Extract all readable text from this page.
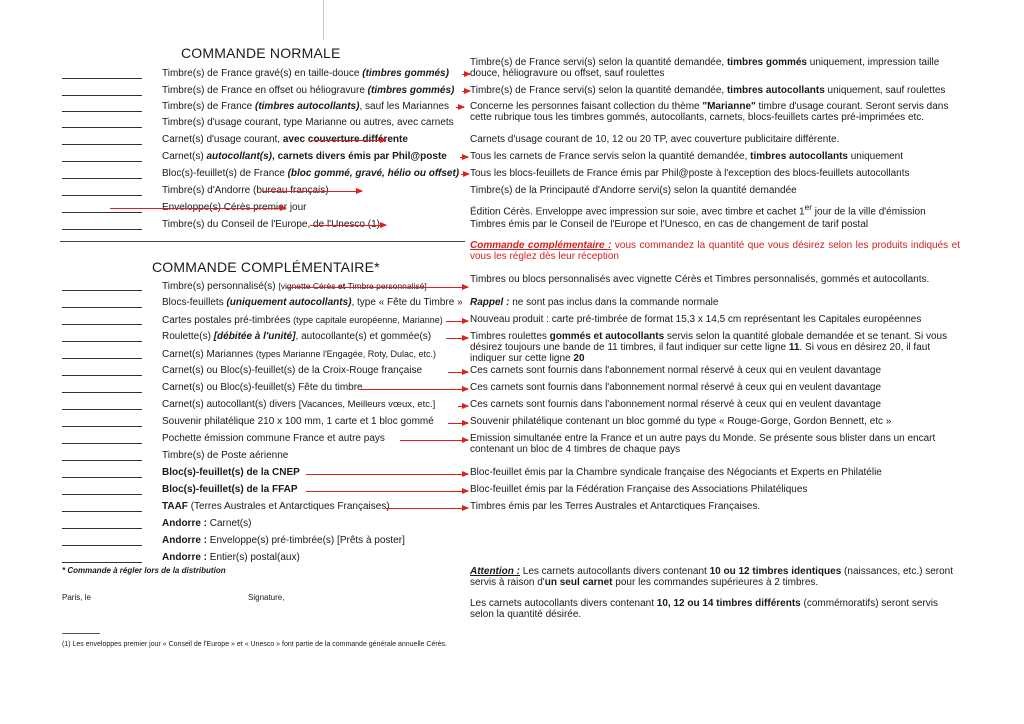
COMMANDE NORMALE
Timbre(s) de France gravé(s) en taille-douce (timbres gommés)
Timbre(s) de France en offset ou héliogravure (timbres gommés)
Timbre(s) de France (timbres autocollants), sauf les Mariannes
Timbre(s) d'usage courant, type Marianne ou autres, avec carnets
Carnet(s) d'usage courant, avec couverture différente
Carnet(s) autocollant(s), carnets divers émis par Phil@poste
Bloc(s)-feuillet(s) de France (bloc gommé, gravé, hélio ou offset)
Timbre(s) d'Andorre (bureau français)
Enveloppe(s) Cérès premier jour
Timbre(s) du Conseil de l'Europe, de l'Unesco (1)
Timbre(s) de France servi(s) selon la quantité demandée, timbres gommés uniquement, impression taille douce, héliogravure ou offset, sauf roulettes
Timbre(s) de France servi(s) selon la quantité demandée, timbres autocollants uniquement, sauf roulettes
Concerne les personnes faisant collection du thème "Marianne" timbre d'usage courant. Seront servis dans cette rubrique tous les timbres gommés, autocollants, carnets, blocs-feuillets cartes pré-imprimées etc.
Carnets d'usage courant de 10, 12 ou 20 TP, avec couverture publicitaire différente.
Tous les carnets de France servis selon la quantité demandée, timbres autocollants uniquement
Tous les blocs-feuillets de France émis par Phil@poste à l'exception des blocs-feuillets autocollants
Timbre(s) de la Principauté d'Andorre servi(s) selon la quantité demandée
Édition Cérès. Enveloppe avec impression sur soie, avec timbre et cachet 1er jour de la ville d'émission
Timbres émis par le Conseil de l'Europe et l'Unesco, en cas de changement de tarif postal
COMMANDE COMPLÉMENTAIRE*
Commande complémentaire : vous commandez la quantité que vous désirez selon les produits indiqués et vous les réglez dès leur réception
Timbre(s) personnalisé(s) [vignette Cérès et Timbre personnalisé]
Blocs-feuillets (uniquement autocollants), type « Fête du Timbre »
Cartes postales pré-timbrées (type capitale européenne, Marianne)
Roulette(s) [débitée à l'unité], autocollante(s) et gommée(s)
Carnet(s) Mariannes (types Marianne l'Engagée, Roty, Dulac, etc.)
Carnet(s) ou Bloc(s)-feuillet(s) de la Croix-Rouge française
Carnet(s) ou Bloc(s)-feuillet(s) Fête du timbre
Carnet(s) autocollant(s) divers [Vacances, Meilleurs vœux, etc.]
Souvenir philatélique 210 x 100 mm, 1 carte et 1 bloc gommé
Pochette émission commune France et autre pays
Timbre(s) de Poste aérienne
Bloc(s)-feuillet(s) de la CNEP
Bloc(s)-feuillet(s) de la FFAP
TAAF (Terres Australes et Antarctiques Françaises)
Andorre : Carnet(s)
Andorre : Enveloppe(s) pré-timbrée(s) [Prêts à poster]
Andorre : Entier(s) postal(aux)
Timbres ou blocs personnalisés avec vignette Cérès et Timbres personnalisés, gommés et autocollants.
Rappel : ne sont pas inclus dans la commande normale
Nouveau produit : carte pré-timbrée de format 15,3 x 14,5 cm représentant les Capitales européennes
Timbres roulettes gommés et autocollants servis selon la quantité globale demandée et se tenant. Si vous désirez toujours une bande de 11 timbres, il faut indiquer sur cette ligne 11. Si vous en désirez 20, il faut indiquer sur cette ligne 20
Ces carnets sont fournis dans l'abonnement normal réservé à ceux qui en veulent davantage
Ces carnets sont fournis dans l'abonnement normal réservé à ceux qui en veulent davantage
Ces carnets sont fournis dans l'abonnement normal réservé à ceux qui en veulent davantage
Souvenir philatélique contenant un bloc gommé du type « Rouge-Gorge, Gordon Bennett, etc »
Emission simultanée entre la France et un autre pays du Monde. Se présente sous blister dans un encart contenant un bloc de 4 timbres de chaque pays
Bloc-feuillet émis par la Chambre syndicale française des Négociants et Experts en Philatélie
Bloc-feuillet émis par la Fédération Française des Associations Philatéliques
Timbres émis par les Terres Australes et Antarctiques Françaises.
* Commande à régler lors de la distribution
Paris, le	Signature,
Attention : Les carnets autocollants divers contenant 10 ou 12 timbres identiques (naissances, etc.) seront servis à raison d'un seul carnet pour les commandes supérieures à 2 timbres.
Les carnets autocollants divers contenant 10, 12 ou 14 timbres différents (commémoratifs) seront servis selon la quantité désirée.
(1) Les enveloppes premier jour « Conseil de l'Europe » et « Unesco » font partie de la commande générale annuelle Cérès.
